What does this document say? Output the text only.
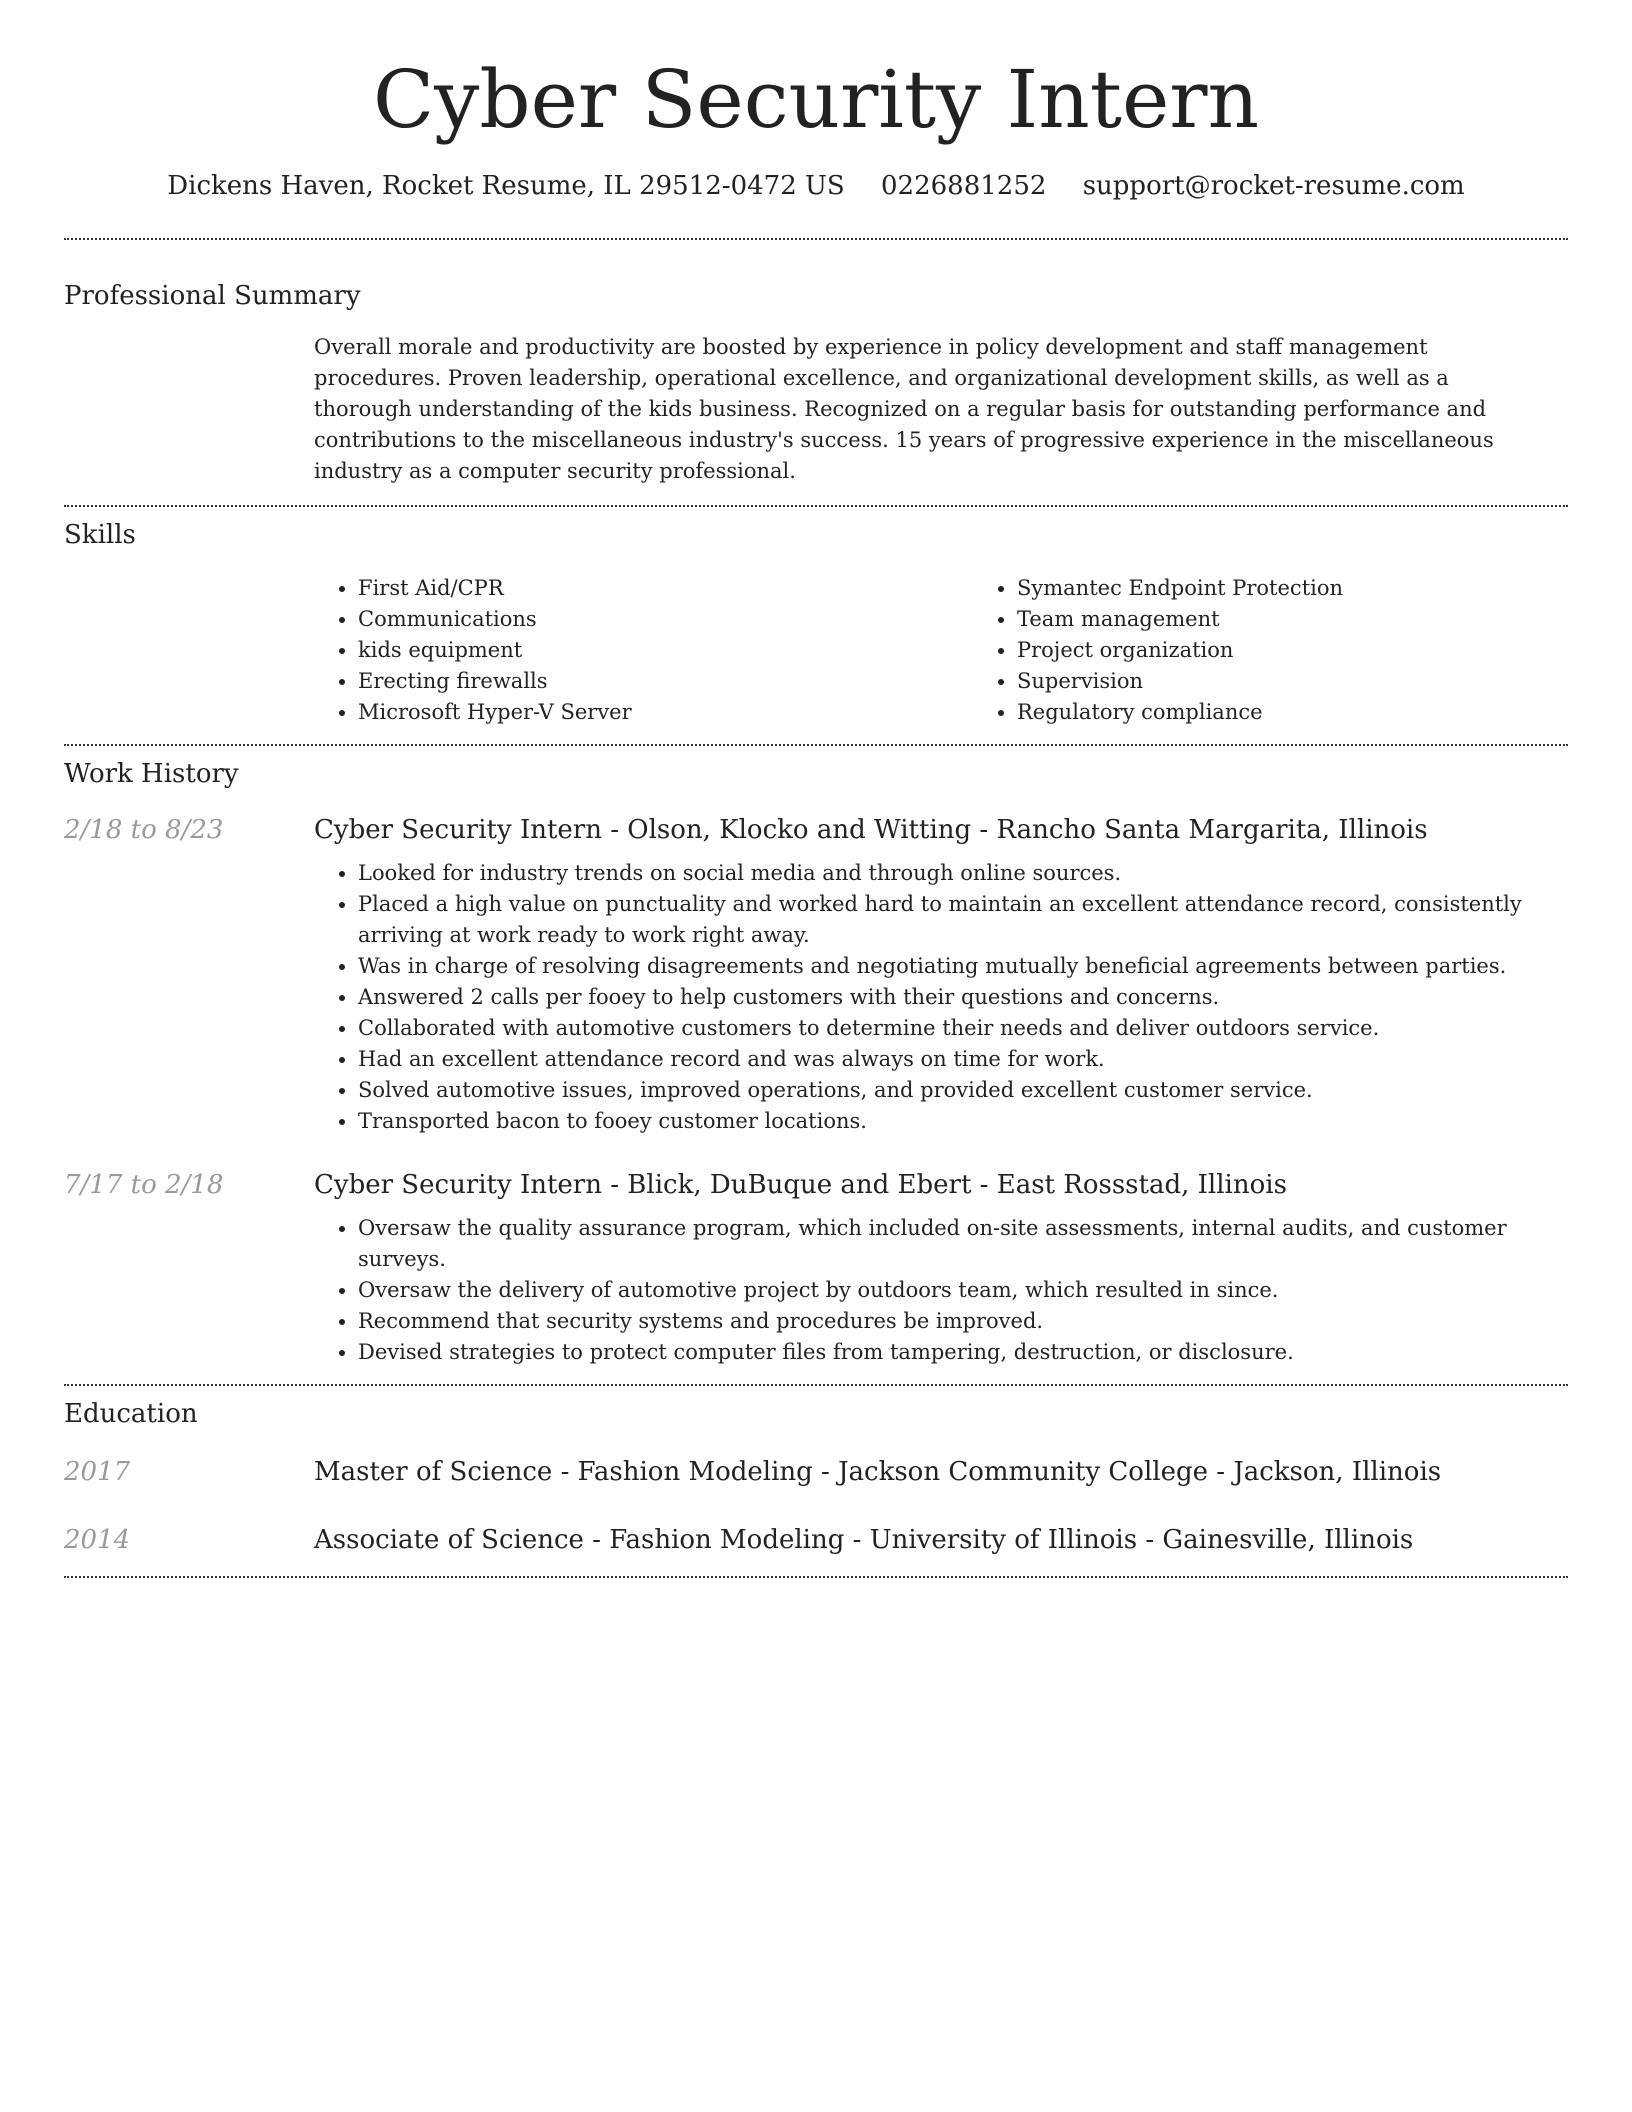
Cyber Security Intern
Dickens Haven, Rocket Resume, IL 29512-0472 US 0226881252 support@rocket-resume.com
Professional Summary

Overall morale and productivity are boosted by experience in policy development and staff management procedures. Proven leadership, operational excellence, and organizational development skills, as well as a thorough understanding of the kids business. Recognized on a regular basis for outstanding performance and contributions to the miscellaneous industry's success. 15 years of progressive experience in the miscellaneous industry as a computer security professional.

Skills
• First Aid/CPR
• Communications
• kids equipment
• Erecting firewalls
• Microsoft Hyper-V Server
• Symantec Endpoint Protection
• Team management
• Project organization
• Supervision
• Regulatory compliance
Work History
2/18 to 8/23	Cyber Security Intern - Olson, Klocko and Witting - Rancho Santa Margarita, Illinois
• Looked for industry trends on social media and through online sources.
• Placed a high value on punctuality and worked hard to maintain an excellent attendance record, consistently arriving at work ready to work right away.
• Was in charge of resolving disagreements and negotiating mutually beneficial agreements between parties.
• Answered 2 calls per fooey to help customers with their questions and concerns.
• Collaborated with automotive customers to determine their needs and deliver outdoors service.
• Had an excellent attendance record and was always on time for work.
• Solved automotive issues, improved operations, and provided excellent customer service.
• Transported bacon to fooey customer locations.
7/17 to 2/18	Cyber Security Intern - Blick, DuBuque and Ebert - East Rossstad, Illinois
• Oversaw the quality assurance program, which included on-site assessments, internal audits, and customer surveys.
• Oversaw the delivery of automotive project by outdoors team, which resulted in since.
• Recommend that security systems and procedures be improved.
• Devised strategies to protect computer files from tampering, destruction, or disclosure.
Education
2017	Master of Science - Fashion Modeling - Jackson Community College - Jackson, Illinois
2014	Associate of Science - Fashion Modeling - University of Illinois - Gainesville, Illinois
